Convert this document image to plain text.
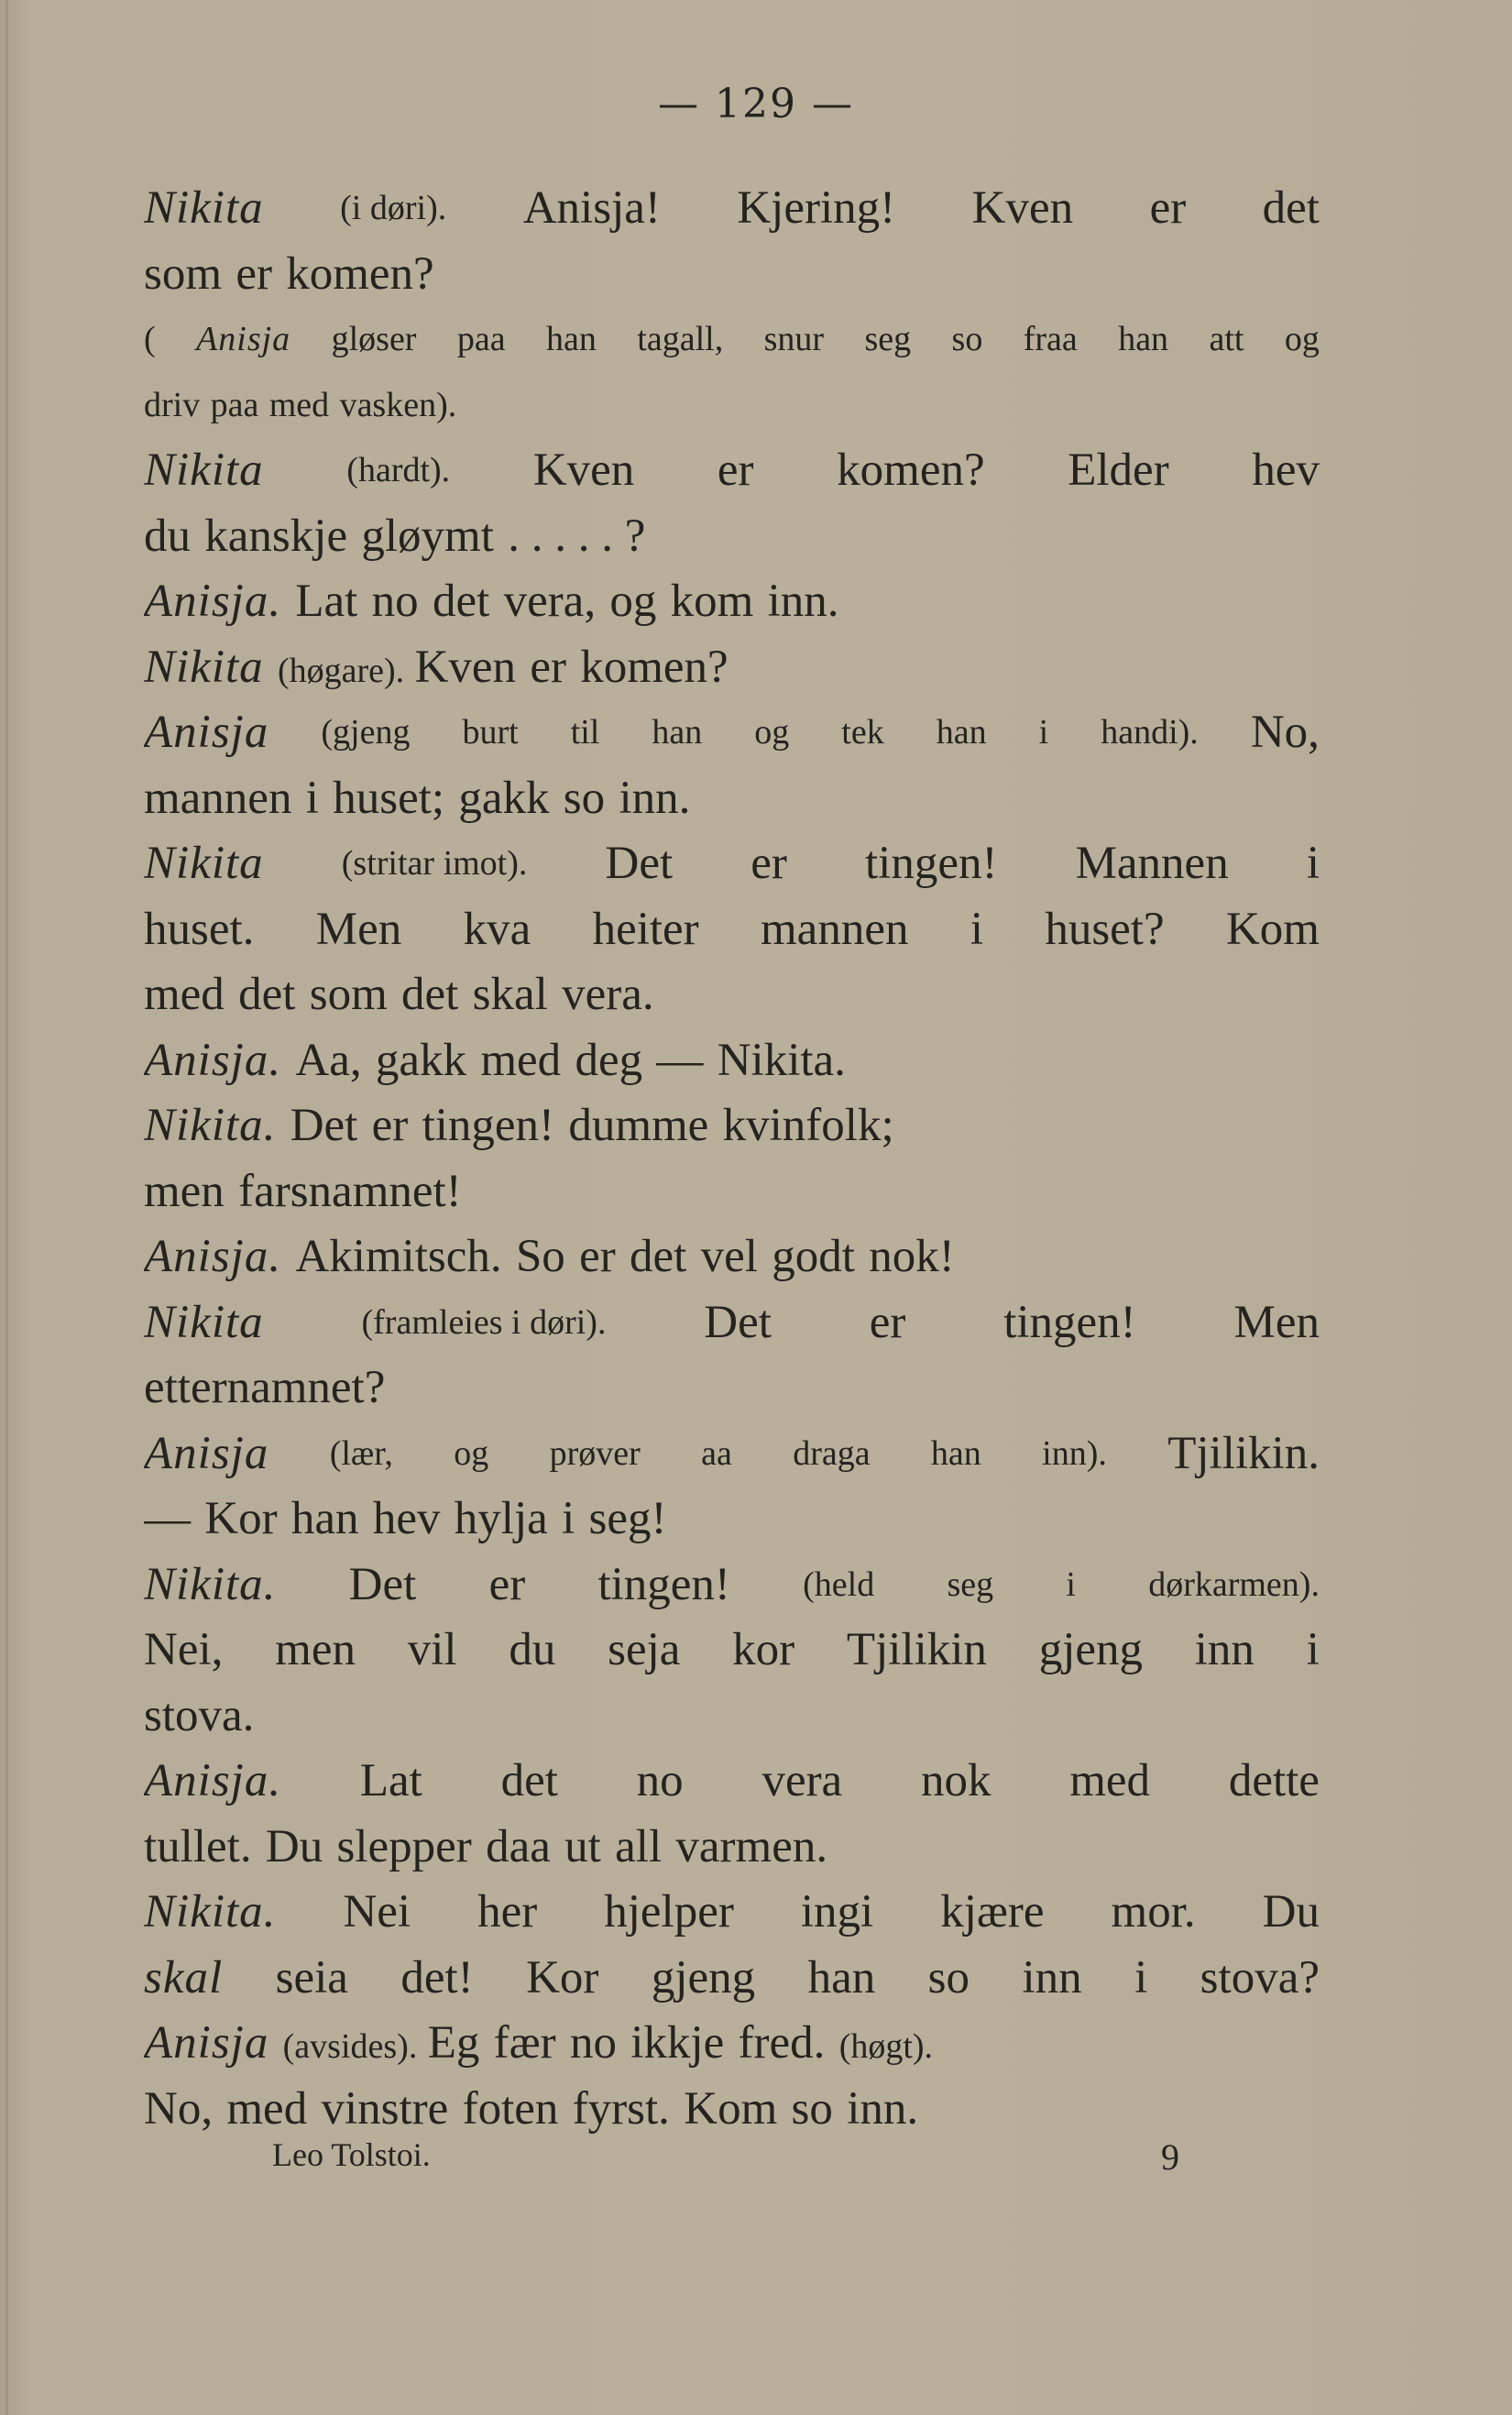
— 129 —
Nikita (i døri). Anisja! Kjering! Kven er det
som er komen?
( Anisja gløser paa han tagall, snur seg so fraa han att og
driv paa med vasken).
Nikita (hardt). Kven er komen? Elder hev
du kanskje gløymt . . . . . ?
Anisja. Lat no det vera, og kom inn.
Nikita (høgare). Kven er komen?
Anisja (gjeng burt til han og tek han i handi). No,
mannen i huset; gakk so inn.
Nikita (stritar imot). Det er tingen! Mannen i
huset. Men kva heiter mannen i huset? Kom
med det som det skal vera.
Anisja. Aa, gakk med deg — Nikita.
Nikita. Det er tingen! dumme kvinfolk;
men farsnamnet!
Anisja. Akimitsch. So er det vel godt nok!
Nikita	(framleies i døri). Det er tingen! Men
etternamnet?
Anisja (lær, og prøver aa draga han inn). Tjilikin.
— Kor han hev hylja i seg!
Nikita. Det er tingen! (held seg i dørkarmen).
Nei, men vil du seja kor Tjilikin gjeng inn i
stova.
Anisja. Lat det no vera nok med dette
tullet. Du slepper daa ut all varmen.
Nikita. Nei her hjelper ingi kjære mor. Du
skal seia det! Kor gjeng han so inn i stova?
Anisja (avsides). Eg fær no ikkje fred. (høgt).
No, med vinstre foten fyrst. Kom so inn.
Leo Tolstoi.	9
